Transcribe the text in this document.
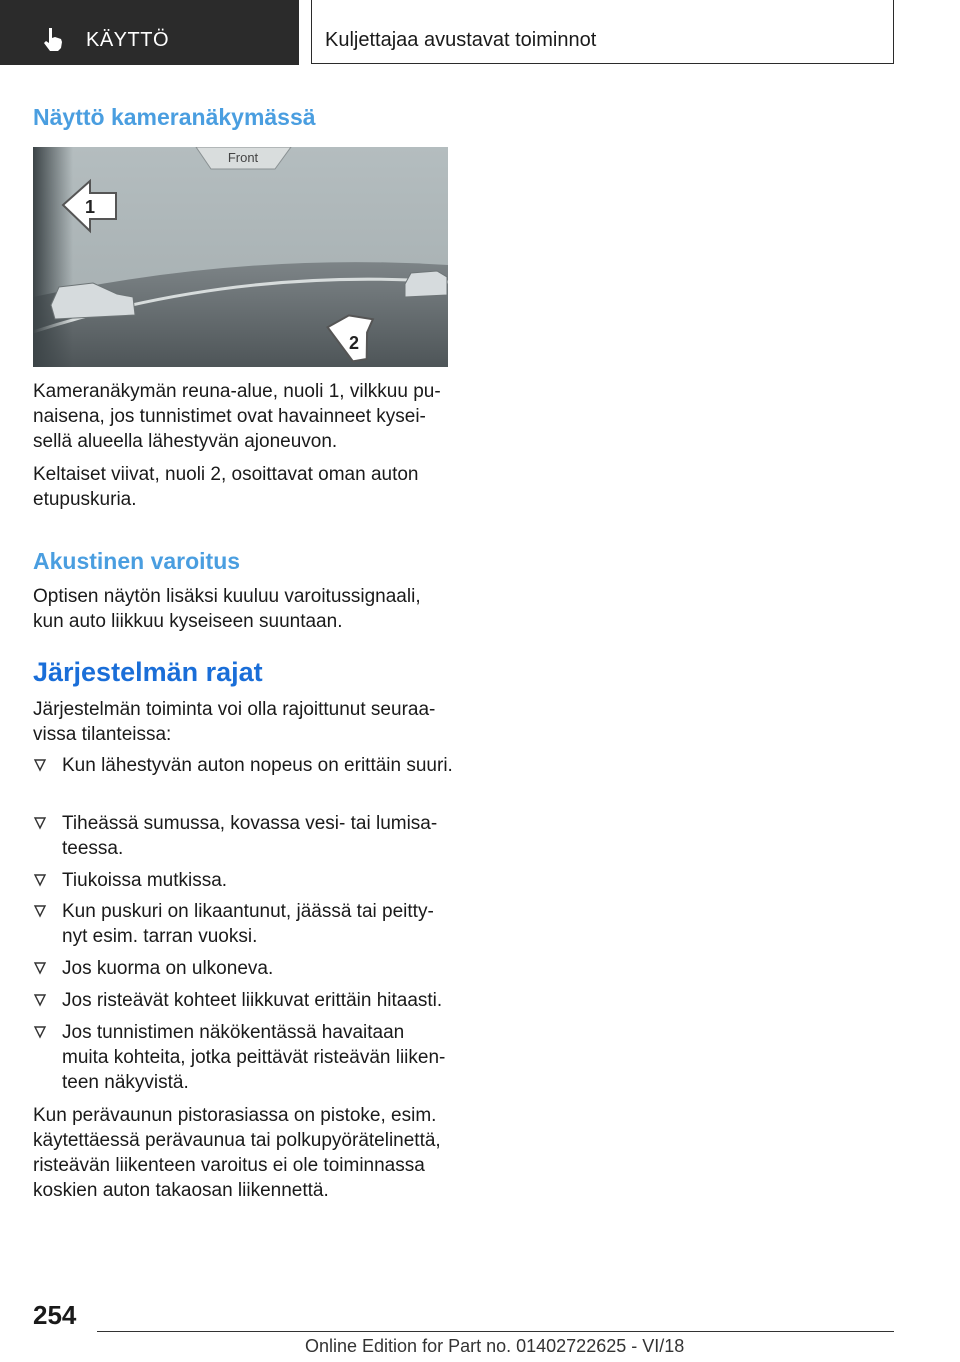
KÄYTTÖ	Kuljettajaa avustavat toiminnot
Näyttö kameranäkymässä
Front
1
2

Kameranäkymän reuna-alue, nuoli 1, vilkkuu pu-naisena, jos tunnistimet ovat havainneet kysei-sellä alueella lähestyvän ajoneuvon.

Keltaiset viivat, nuoli 2, osoittavat oman auton etupuskuria.

Akustinen varoitus

Optisen näytön lisäksi kuuluu varoitussignaali, kun auto liikkuu kyseiseen suuntaan.

Järjestelmän rajat

Järjestelmän toiminta voi olla rajoittunut seuraa-vissa tilanteissa:

Kun lähestyvän auton nopeus on erittäin suuri.
Tiheässä sumussa, kovassa vesi- tai lumisa-teessa.
Tiukoissa mutkissa.
Kun puskuri on likaantunut, jäässä tai peitty-nyt esim. tarran vuoksi.
Jos kuorma on ulkoneva.
Jos risteävät kohteet liikkuvat erittäin hitaasti.
Jos tunnistimen näkökentässä havaitaan muita kohteita, jotka peittävät risteävän liiken-teen näkyvistä.

Kun perävaunun pistorasiassa on pistoke, esim. käytettäessä perävaunua tai polkupyörätelinettä, risteävän liikenteen varoitus ei ole toiminnassa koskien auton takaosan liikennettä.

254
Online Edition for Part no. 01402722625 - VI/18
